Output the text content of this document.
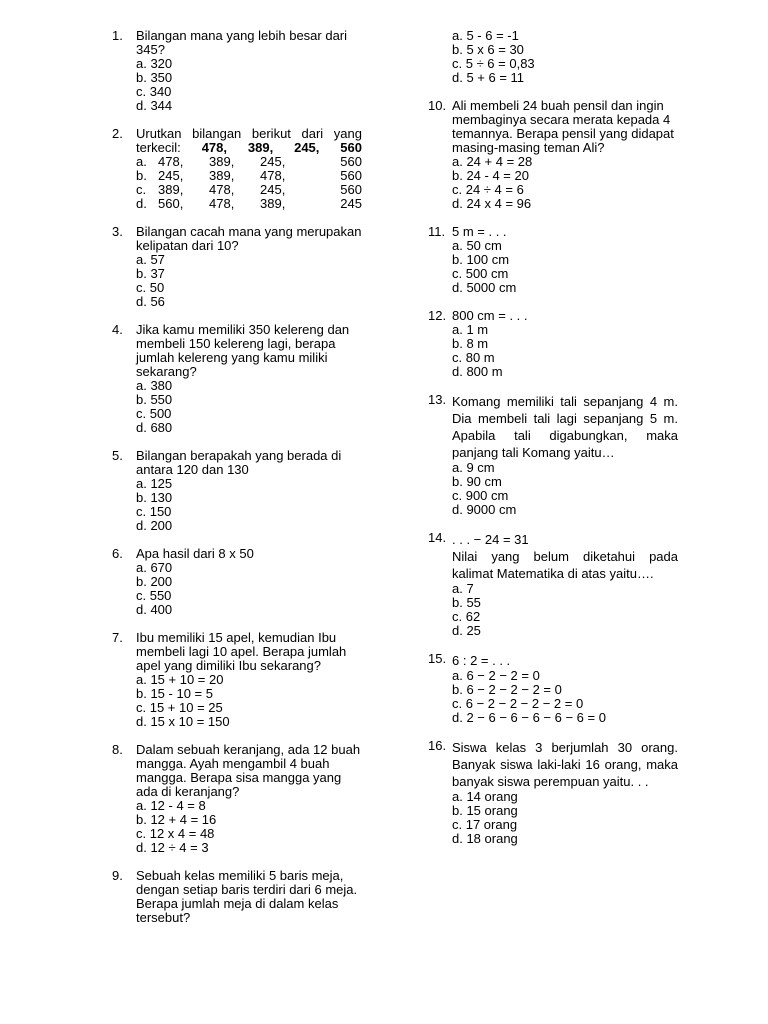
1.	Bilangan mana yang lebih besar dari 345?
a. 320
b. 350
c. 340
d. 344
2.	Urutkan bilangan berikut dari yang terkecil: 478, 389, 245, 560
a. 478,	389,	245,	560
b. 245,	389,	478,	560
c. 389,	478,	245,	560
d. 560,	478,	389,	245
3.	Bilangan cacah mana yang merupakan kelipatan dari 10?
a. 57
b. 37
c. 50
d. 56
4.	Jika kamu memiliki 350 kelereng dan membeli 150 kelereng lagi, berapa jumlah kelereng yang kamu miliki sekarang?
a. 380
b. 550
c. 500
d. 680
5.	Bilangan berapakah yang berada di antara 120 dan 130
a. 125
b. 130
c. 150
d. 200
6.	Apa hasil dari 8 x 50
a. 670
b. 200
c. 550
d. 400
7.	Ibu memiliki 15 apel, kemudian Ibu membeli lagi 10 apel. Berapa jumlah apel yang dimiliki Ibu sekarang?
a. 15 + 10 = 20
b. 15 - 10 = 5
c. 15 + 10 = 25
d. 15 x 10 = 150
8.	Dalam sebuah keranjang, ada 12 buah mangga. Ayah mengambil 4 buah mangga. Berapa sisa mangga yang ada di keranjang?
a. 12 - 4 = 8
b. 12 + 4 = 16
c. 12 x 4 = 48
d. 12 ÷ 4 = 3
9.	Sebuah kelas memiliki 5 baris meja, dengan setiap baris terdiri dari 6 meja. Berapa jumlah meja di dalam kelas tersebut?
a. 5 - 6 = -1
b. 5 x 6 = 30
c. 5 ÷ 6 = 0,83
d. 5 + 6 = 11
10. Ali membeli 24 buah pensil dan ingin membaginya secara merata kepada 4 temannya. Berapa pensil yang didapat masing-masing teman Ali?
a. 24 + 4 = 28
b. 24 - 4 = 20
c. 24 ÷ 4 = 6
d. 24 x 4 = 96
11. 5 m = . . .
a. 50 cm
b. 100 cm
c. 500 cm
d. 5000 cm
12. 800 cm = . . .
a. 1 m
b. 8 m
c. 80 m
d. 800 m
13. Komang memiliki tali sepanjang 4 m. Dia membeli tali lagi sepanjang 5 m. Apabila tali digabungkan, maka panjang tali Komang yaitu…
a. 9 cm
b. 90 cm
c. 900 cm
d. 9000 cm
14. . . . − 24 = 31
Nilai yang belum diketahui pada kalimat Matematika di atas yaitu….
a. 7
b. 55
c. 62
d. 25
15. 6 : 2 = . . .
a. 6 − 2 − 2 = 0
b. 6 − 2 − 2 − 2 = 0
c. 6 − 2 − 2 − 2 − 2 = 0
d. 2 − 6 − 6 − 6 − 6 − 6 = 0
16. Siswa kelas 3 berjumlah 30 orang. Banyak siswa laki-laki 16 orang, maka banyak siswa perempuan yaitu. . .
a. 14 orang
b. 15 orang
c. 17 orang
d. 18 orang
